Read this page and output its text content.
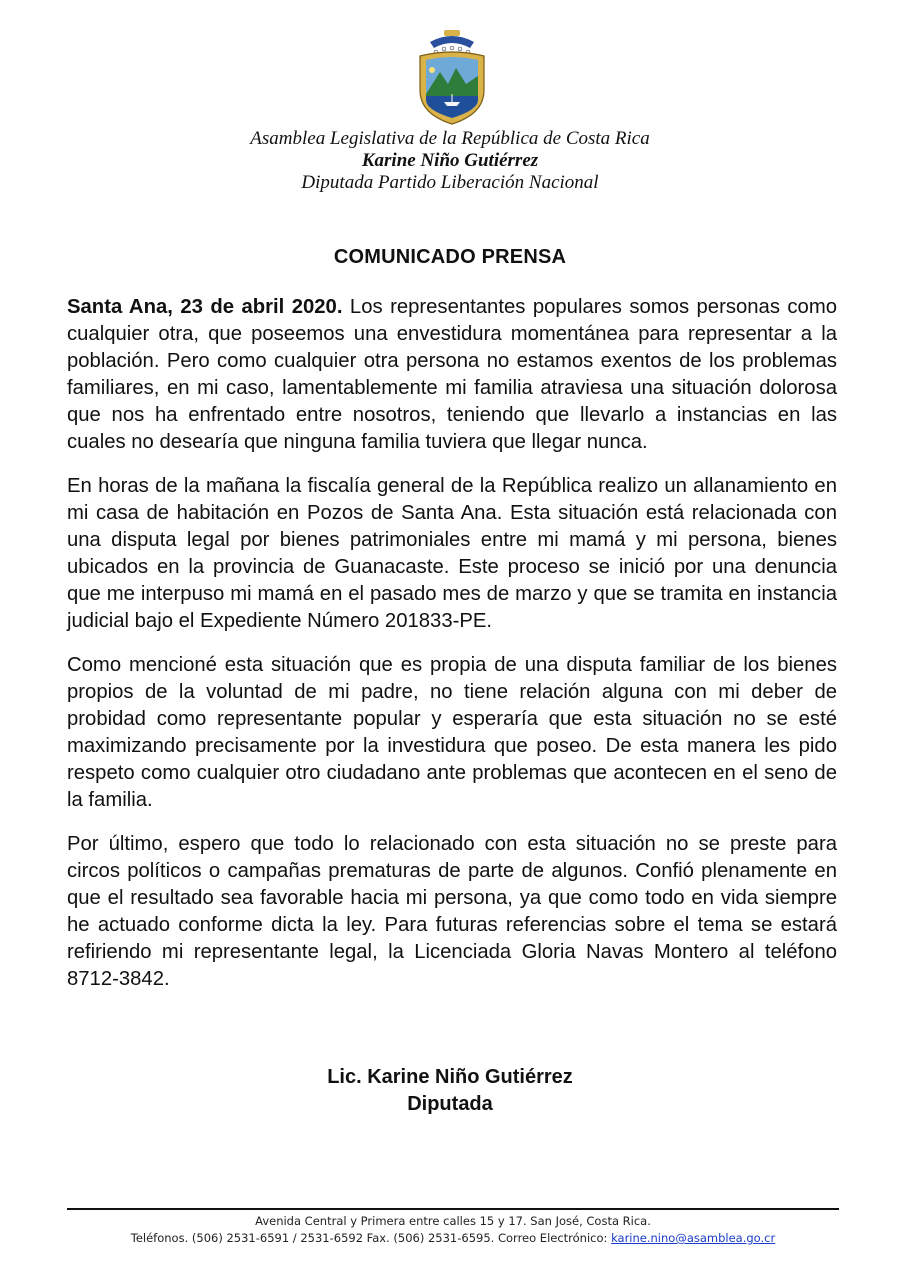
Asamblea Legislativa de la República de Costa Rica
Karine Niño Gutiérrez
Diputada Partido Liberación Nacional
COMUNICADO PRENSA

Santa Ana, 23 de abril 2020. Los representantes populares somos personas como cualquier otra, que poseemos una envestidura momentánea para representar a la población. Pero como cualquier otra persona no estamos exentos de los problemas familiares, en mi caso, lamentablemente mi familia atraviesa una situación dolorosa que nos ha enfrentado entre nosotros, teniendo que llevarlo a instancias en las cuales no desearía que ninguna familia tuviera que llegar nunca.

En horas de la mañana la fiscalía general de la República realizo un allanamiento en mi casa de habitación en Pozos de Santa Ana. Esta situación está relacionada con una disputa legal por bienes patrimoniales entre mi mamá y mi persona, bienes ubicados en la provincia de Guanacaste. Este proceso se inició por una denuncia que me interpuso mi mamá en el pasado mes de marzo y que se tramita en instancia judicial bajo el Expediente Número 201833-PE.

Como mencioné esta situación que es propia de una disputa familiar de los bienes propios de la voluntad de mi padre, no tiene relación alguna con mi deber de probidad como representante popular y esperaría que esta situación no se esté maximizando precisamente por la investidura que poseo. De esta manera les pido respeto como cualquier otro ciudadano ante problemas que acontecen en el seno de la familia.

Por último, espero que todo lo relacionado con esta situación no se preste para circos políticos o campañas prematuras de parte de algunos. Confió plenamente en que el resultado sea favorable hacia mi persona, ya que como todo en vida siempre he actuado conforme dicta la ley. Para futuras referencias sobre el tema se estará refiriendo mi representante legal, la Licenciada Gloria Navas Montero al teléfono 8712-3842.

Lic. Karine Niño Gutiérrez
Diputada
Avenida Central y Primera entre calles 15 y 17. San José, Costa Rica.
Teléfonos. (506) 2531-6591 / 2531-6592 Fax. (506) 2531-6595. Correo Electrónico: karine.nino@asamblea.go.cr
